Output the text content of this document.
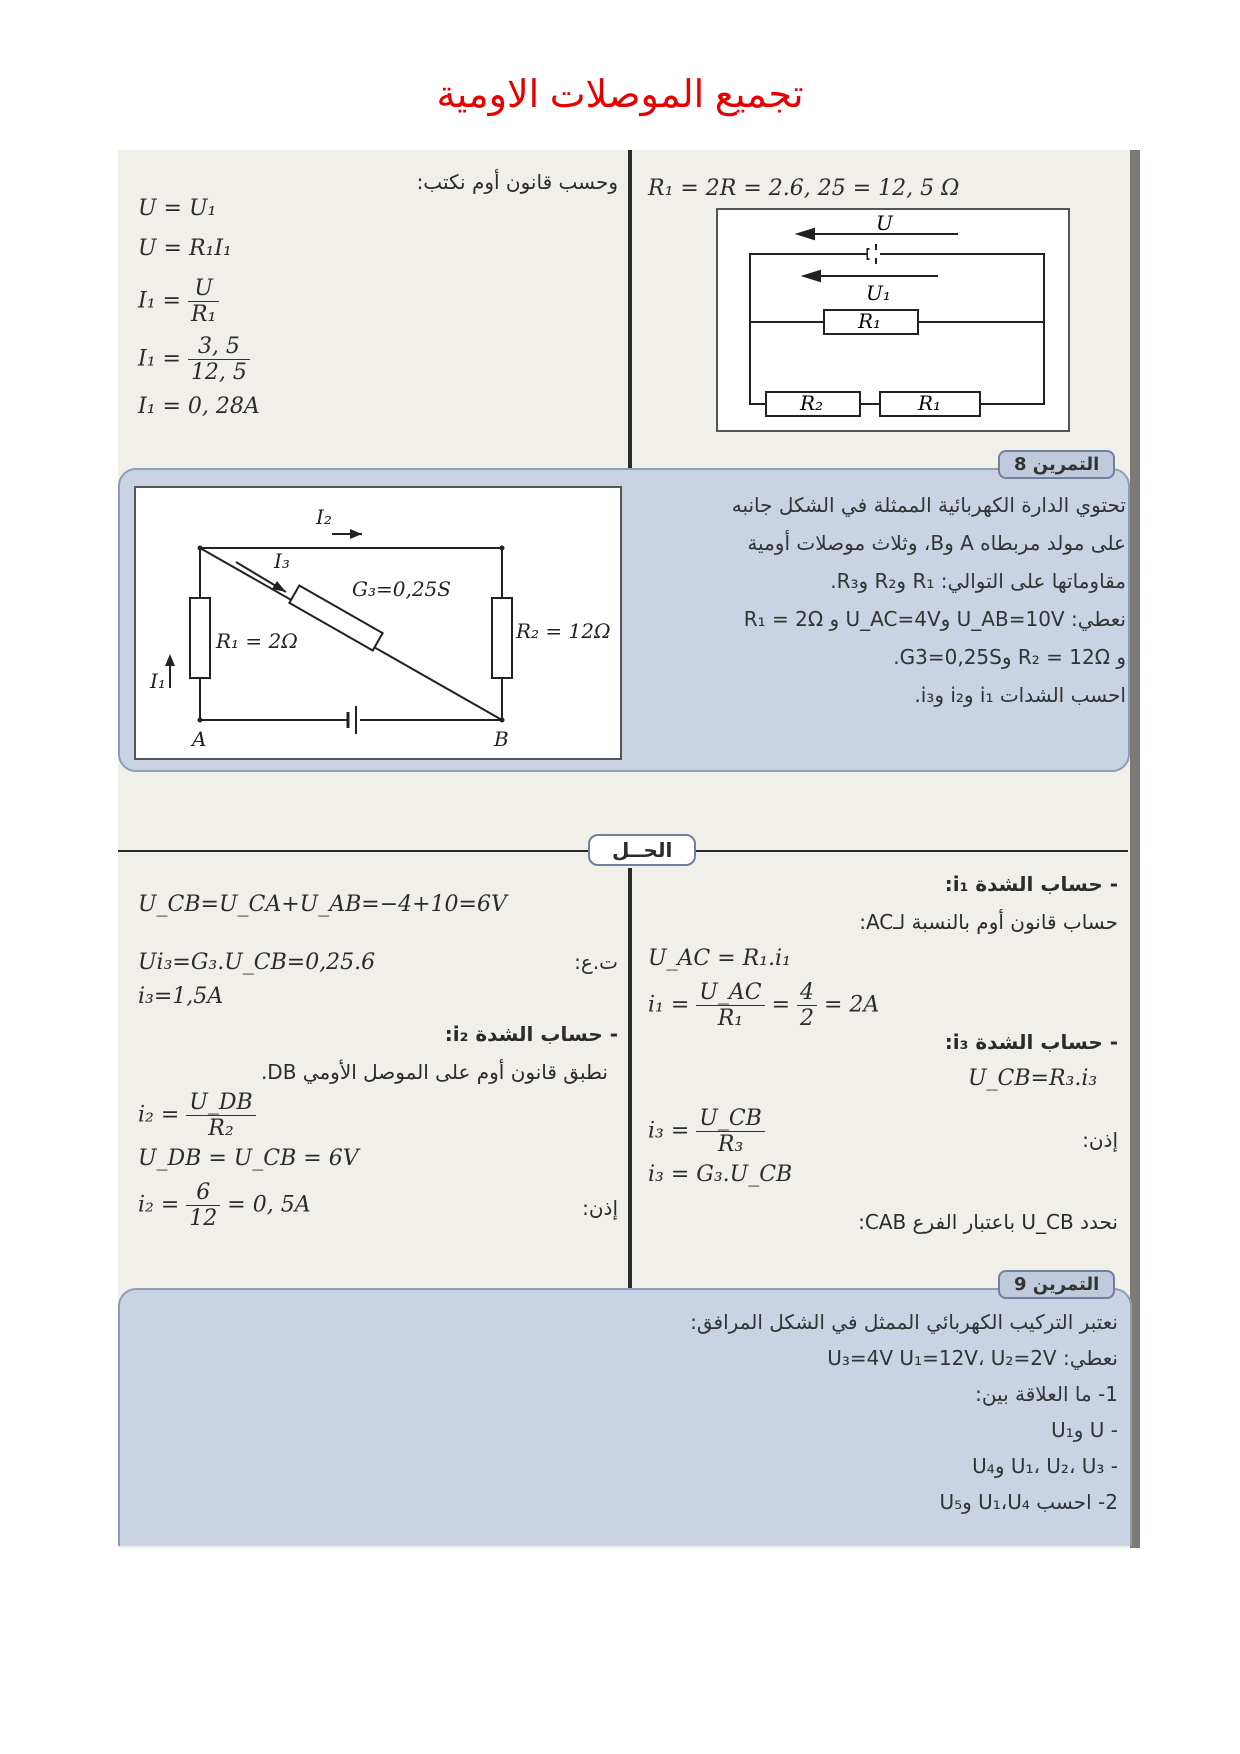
تجميع الموصلات الاومية
وحسب قانون أوم نكتب:
U = U₁
U = R₁I₁
$I_1 = \frac{U}{\text{R₁}}$
$I_1 = \frac{3, 5}{12, 5}$
I₁ = 0, 28A
R₁ = 2R = 2.6, 25 = 12, 5 Ω
U
U₁
R₁
R₂	R₁
التمرين 8
I₂
I₃
G₃=0,25S
R₁ = 2Ω	R₂ = 12Ω
I₁
A	B
تحتوي الدارة الكهربائية الممثلة في الشكل جانبه
على مولد مربطاه A وB، وثلاث موصلات أومية
مقاوماتها على التوالي: R₁ وR₂ وR₃.
نعطي: U_AB=10V وU_AC=4V و R₁ = 2Ω
و R₂ = 12Ω وG3=0,25S.
احسب الشدات i₁ وi₂ وi₃.
الحــل
- حساب الشدة i₁:
حساب قانون أوم بالنسبة لـAC:
U_AC = R₁.i₁
$i_1 = \frac{U\_AC}{\text{R₁}} = \frac{4}{2} = 2A$
- حساب الشدة i₃:
U_CB=R₃.i₃
إذن:
$i_3 = \frac{U\_CB}{\text{R₃}}$
i₃ = G₃.U_CB
نحدد U_CB باعتبار الفرع CAB:
U_CB=U_CA+U_AB=−4+10=6V
ت.ع:
Ui₃=G₃.U_CB=0,25.6
i₃=1,5A
- حساب الشدة i₂:
نطبق قانون أوم على الموصل الأومي DB.
$i_2 = \frac{U\_DB}{\text{R₂}}$
U_DB = U_CB = 6V
$i_2 = \frac{6}{12} = 0$, 5A	إذن:
التمرين 9
نعتبر التركيب الكهربائي الممثل في الشكل المرافق:
نعطي: U₃=4V U₁=12V، U₂=2V
1- ما العلاقة بين:
- U وU₁
- U₁، U₂، U₃ وU₄
2- احسب U₁،U₄ وU₅
